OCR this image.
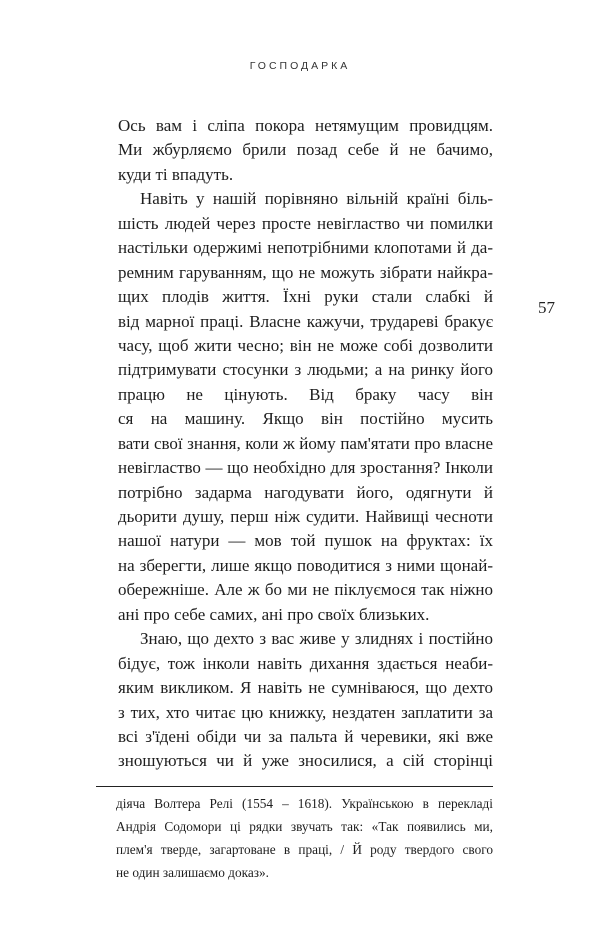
ГОСПОДАРКА
Ось вам і сліпа покора нетямущим провидцям.
Ми жбурляємо брили позад себе й не бачимо,
куди ті впадуть.
Навіть у нашій порівняно вільній країні біль-
шість людей через просте невігластво чи помилки
настільки одержимі непотрібними клопотами й да-
ремним гаруванням, що не можуть зібрати найкра-
щих плодів життя. Їхні руки стали слабкі й
від марної праці. Власне кажучи, трудареві бракує
часу, щоб жити чесно; він не може собі дозволити
підтримувати стосунки з людьми; а на ринку його
працю не цінують. Від браку часу він
ся на машину. Якщо він постійно мусить
вати свої знання, коли ж йому пам'ятати про власне
невігластво — що необхідно для зростання? Інколи
потрібно задарма нагодувати його, одягнути й
дьорити душу, перш ніж судити. Найвищі чесноти
нашої натури — мов той пушок на фруктах: їх
на зберегти, лише якщо поводитися з ними щонай-
обережніше. Але ж бо ми не піклуємося так ніжно
ані про себе самих, ані про своїх близьких.
Знаю, що дехто з вас живе у злиднях і постійно
бідує, тож інколи навіть дихання здається неаби-
яким викликом. Я навіть не сумніваюся, що дехто
з тих, хто читає цю книжку, нездатен заплатити за
всі з'їдені обіди чи за пальта й черевики, які вже
зношуються чи й уже зносилися, а сій сторінці
57
діяча Волтера Релі (1554 – 1618). Українською в перекладі
Андрія Содомори ці рядки звучать так: «Так появились ми,
плем'я тверде, загартоване в праці, / Й роду твердого свого
не один залишаємо доказ».
